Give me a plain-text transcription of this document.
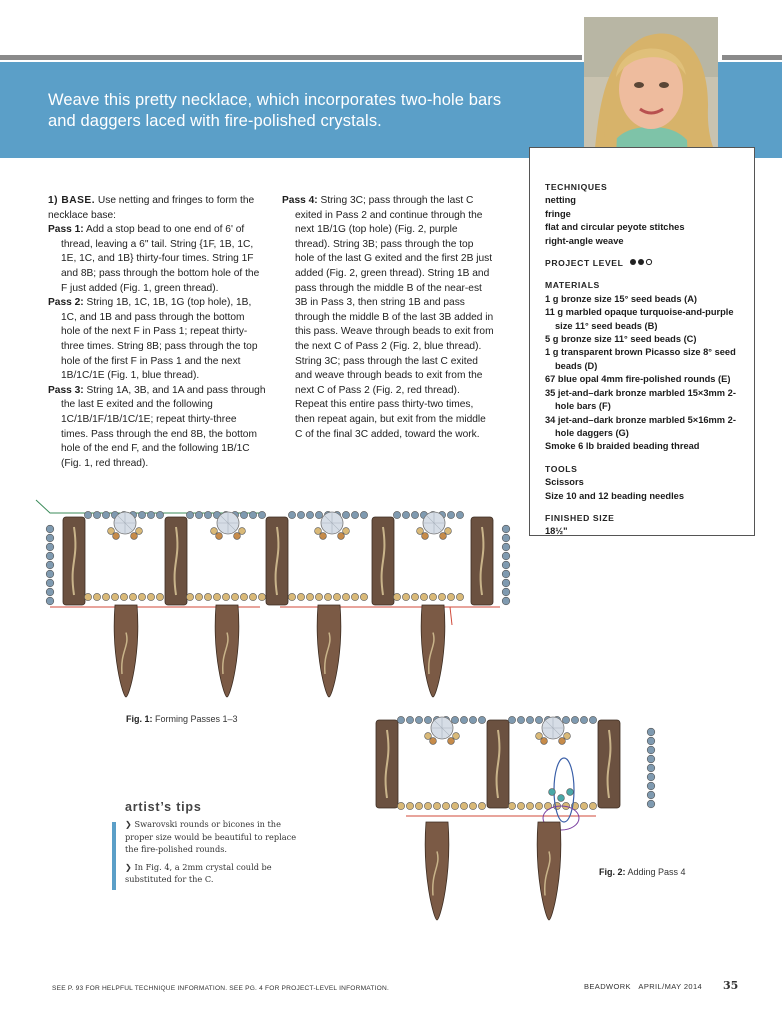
Weave this pretty necklace, which incorporates two-hole bars
and daggers laced with fire-polished crystals.
TECHNIQUES
netting
fringe
flat and circular peyote stitches
right-angle weave
PROJECT LEVEL
MATERIALS
1 g bronze size 15° seed beads (A)
11 g marbled opaque turquoise-and-purple size 11° seed beads (B)
5 g bronze size 11° seed beads (C)
1 g transparent brown Picasso size 8° seed beads (D)
67 blue opal 4mm fire-polished rounds (E)
35 jet-and–dark bronze marbled 15×3mm 2-hole bars (F)
34 jet-and–dark bronze marbled 5×16mm 2-hole daggers (G)
Smoke 6 lb braided beading thread
TOOLS
Scissors
Size 10 and 12 beading needles
FINISHED SIZE
18½"

1) BASE. Use netting and fringes to form the necklace base:

Pass 1: Add a stop bead to one end of 6' of thread, leaving a 6" tail. String {1F, 1B, 1C, 1E, 1C, and 1B} thirty-four times. String 1F and 8B; pass through the bottom hole of the F just added (Fig. 1, green thread).

Pass 2: String 1B, 1C, 1B, 1G (top hole), 1B, 1C, and 1B and pass through the bottom hole of the next F in Pass 1; repeat thirty-three times. String 8B; pass through the top hole of the first F in Pass 1 and the next 1B/1C/1E (Fig. 1, blue thread).

Pass 3: String 1A, 3B, and 1A and pass through the last E exited and the following 1C/1B/1F/1B/1C/1E; repeat thirty-three times. Pass through the end 8B, the bottom hole of the end F, and the following 1B/1C (Fig. 1, red thread).

Pass 4: String 3C; pass through the last C exited in Pass 2 and continue through the next 1B/1G (top hole) (Fig. 2, purple thread). String 3B; pass through the top hole of the last G exited and the first 2B just added (Fig. 2, green thread). String 1B and pass through the middle B of the near-est 3B in Pass 3, then string 1B and pass through the middle B of the last 3B added in this pass. Weave through beads to exit from the next C of Pass 2 (Fig. 2, blue thread). String 3C; pass through the last C exited and weave through beads to exit from the next C of Pass 2 (Fig. 2, red thread). Repeat this entire pass thirty-two times, then repeat again, but exit from the middle C of the final 3C added, toward the work.

Fig. 1: Forming Passes 1–3
Fig. 2: Adding Pass 4
artist’s tips

❯ Swarovski rounds or bicones in the proper size would be beautiful to replace the fire-polished rounds.

❯ In Fig. 4, a 2mm crystal could be substituted for the C.

SEE P. 93 FOR HELPFUL TECHNIQUE INFORMATION. SEE PG. 4 FOR PROJECT-LEVEL INFORMATION.	BEADWORK APRIL/MAY 2014 35
